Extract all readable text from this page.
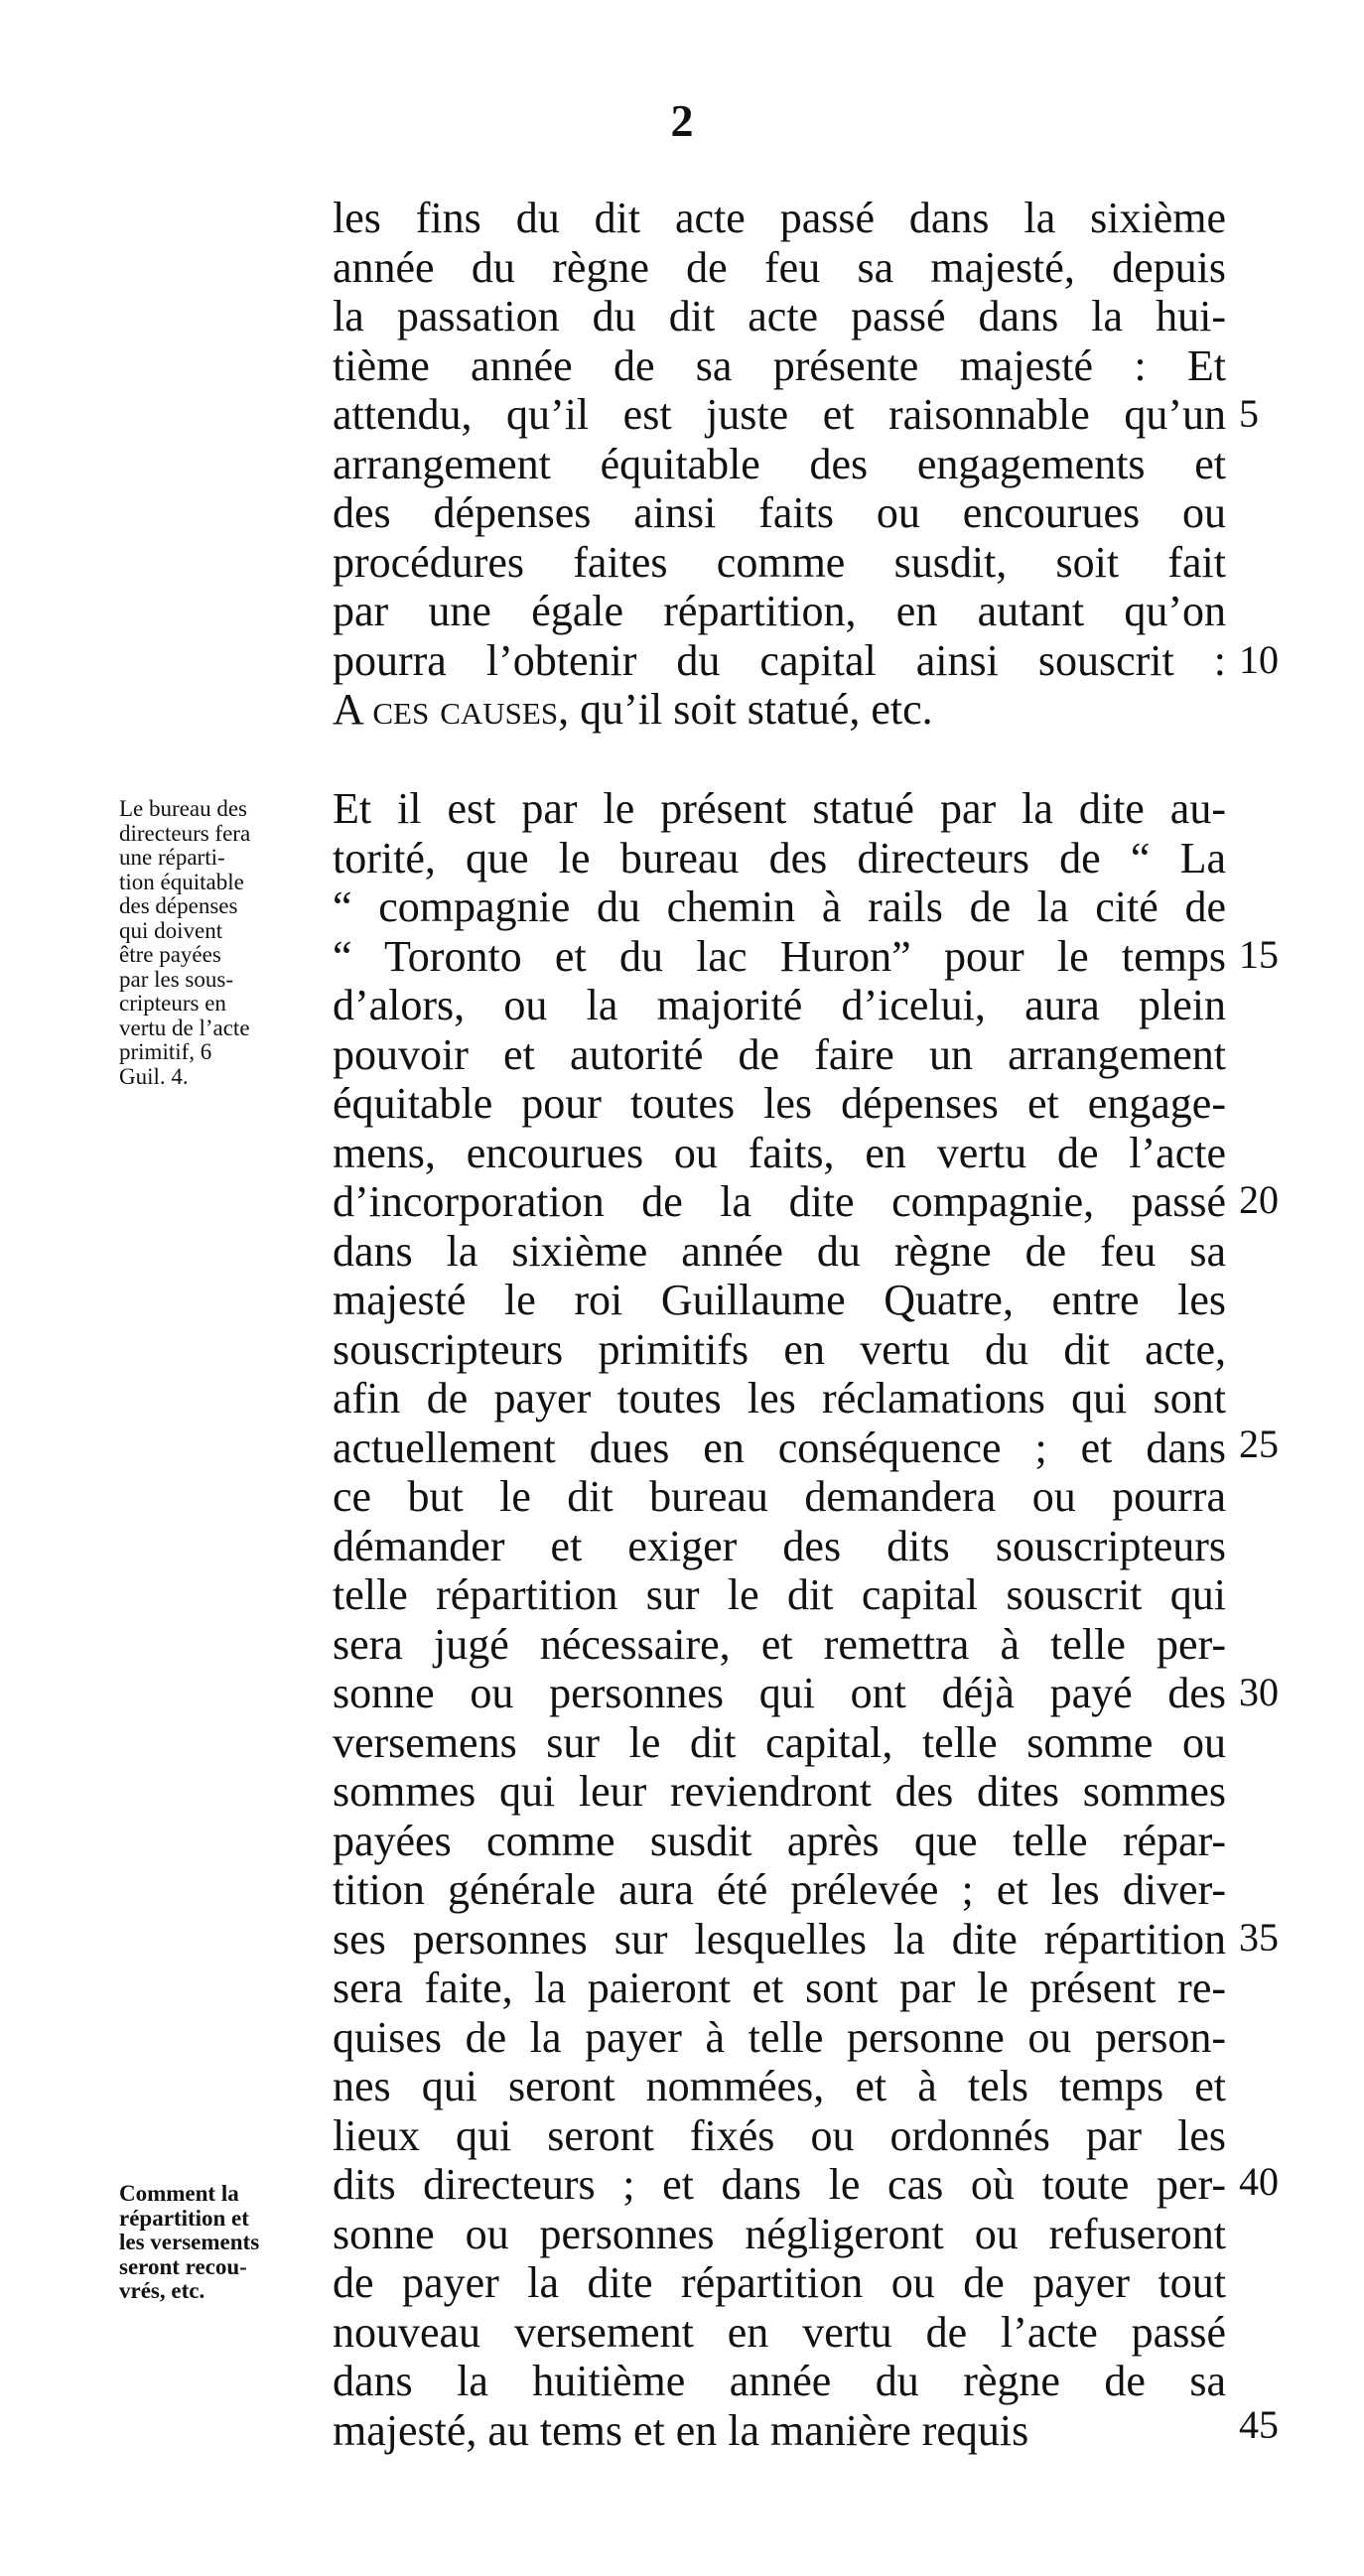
2
les fins du dit acte passé dans la sixième
année du règne de feu sa majesté, depuis
la passation du dit acte passé dans la hui-
tième année de sa présente majesté : Et
attendu, qu’il est juste et raisonnable qu’un
arrangement équitable des engagements et
des dépenses ainsi faits ou encourues ou
procédures faites comme susdit, soit fait
par une égale répartition, en autant qu’on
pourra l’obtenir du capital ainsi souscrit :
A ces causes, qu’il soit statué, etc.
Et il est par le présent statué par la dite au-
torité, que le bureau des directeurs de “ La
“ compagnie du chemin à rails de la cité de
“ Toronto et du lac Huron” pour le temps
d’alors, ou la majorité d’icelui, aura plein
pouvoir et autorité de faire un arrangement
équitable pour toutes les dépenses et engage-
mens, encourues ou faits, en vertu de l’acte
d’incorporation de la dite compagnie, passé
dans la sixième année du règne de feu sa
majesté le roi Guillaume Quatre, entre les
souscripteurs primitifs en vertu du dit acte,
afin de payer toutes les réclamations qui sont
actuellement dues en conséquence ; et dans
ce but le dit bureau demandera ou pourra
démander et exiger des dits souscripteurs
telle répartition sur le dit capital souscrit qui
sera jugé nécessaire, et remettra à telle per-
sonne ou personnes qui ont déjà payé des
versemens sur le dit capital, telle somme ou
sommes qui leur reviendront des dites sommes
payées comme susdit après que telle répar-
tition générale aura été prélevée ; et les diver-
ses personnes sur lesquelles la dite répartition
sera faite, la paieront et sont par le présent re-
quises de la payer à telle personne ou person-
nes qui seront nommées, et à tels temps et
lieux qui seront fixés ou ordonnés par les
dits directeurs ; et dans le cas où toute per-
sonne ou personnes négligeront ou refuseront
de payer la dite répartition ou de payer tout
nouveau versement en vertu de l’acte passé
dans la huitième année du règne de sa
majesté, au tems et en la manière requis
5
10
15
20
25
30
35
40
45
Le bureau des
directeurs fera
une réparti-
tion équitable
des dépenses
qui doivent
être payées
par les sous-
cripteurs en
vertu de l’acte
primitif, 6
Guil. 4.
Comment la
répartition et
les versements
seront recou-
vrés, etc.
